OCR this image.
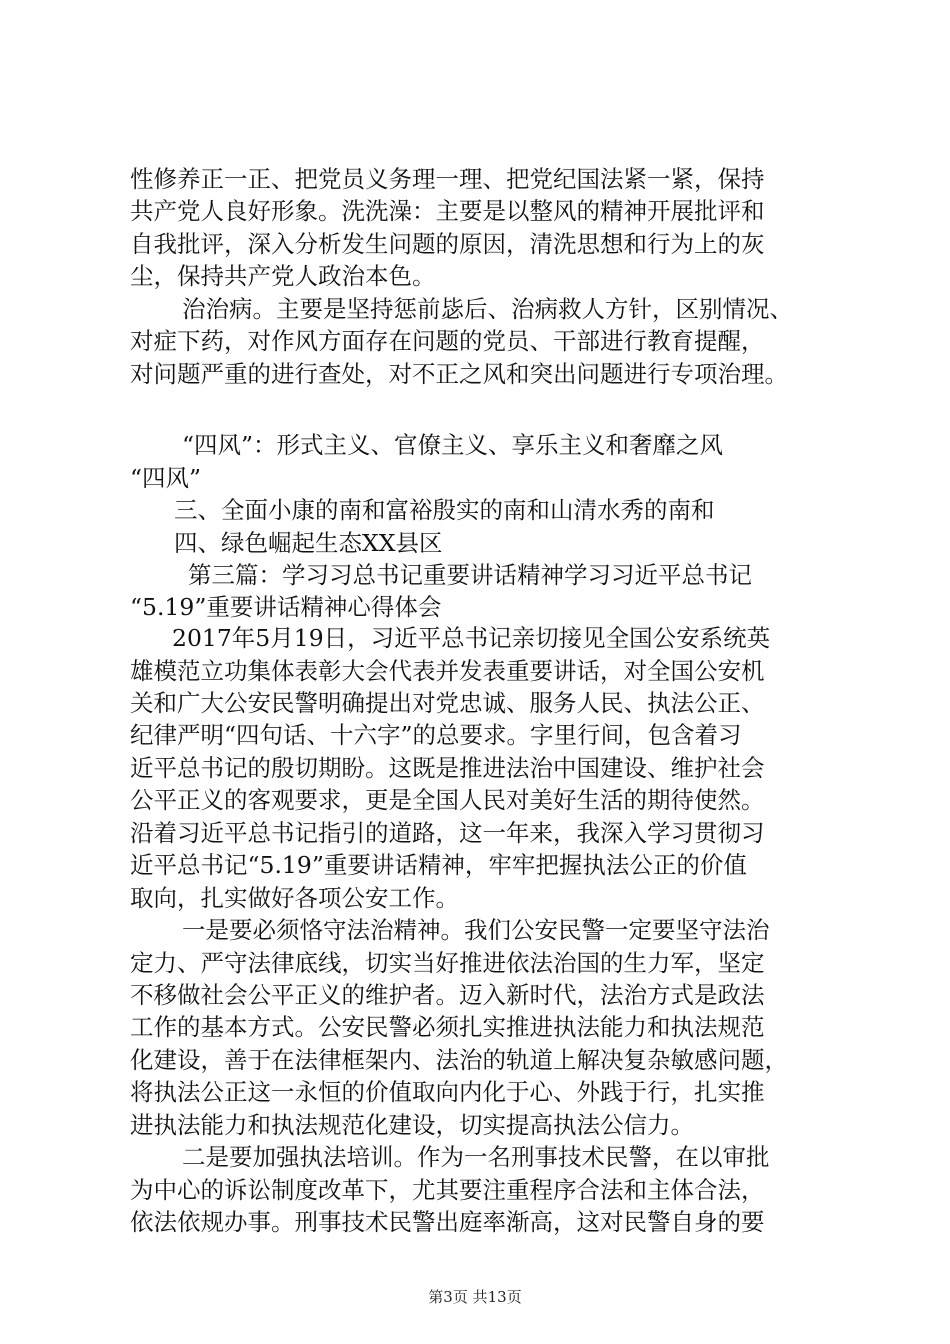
性修养正一正、把党员义务理一理、把党纪国法紧一紧，保持
共产党人良好形象。洗洗澡：主要是以整风的精神开展批评和
自我批评，深入分析发生问题的原因，清洗思想和行为上的灰
尘，保持共产党人政治本色。
治治病。主要是坚持惩前毖后、治病救人方针，区别情况、
对症下药，对作风方面存在问题的党员、干部进行教育提醒，
对问题严重的进行查处，对不正之风和突出问题进行专项治理。
“四风”：形式主义、官僚主义、享乐主义和奢靡之风
“四风”
三、全面小康的南和富裕殷实的南和山清水秀的南和
四、绿色崛起生态XX县区
第三篇：学习习总书记重要讲话精神学习习近平总书记
“5.19”重要讲话精神心得体会
2017年5月19日，习近平总书记亲切接见全国公安系统英
雄模范立功集体表彰大会代表并发表重要讲话，对全国公安机
关和广大公安民警明确提出对党忠诚、服务人民、执法公正、
纪律严明“四句话、十六字”的总要求。字里行间，包含着习
近平总书记的殷切期盼。这既是推进法治中国建设、维护社会
公平正义的客观要求，更是全国人民对美好生活的期待使然。
沿着习近平总书记指引的道路，这一年来，我深入学习贯彻习
近平总书记“5.19”重要讲话精神，牢牢把握执法公正的价值
取向，扎实做好各项公安工作。
一是要必须恪守法治精神。我们公安民警一定要坚守法治
定力、严守法律底线，切实当好推进依法治国的生力军，坚定
不移做社会公平正义的维护者。迈入新时代，法治方式是政法
工作的基本方式。公安民警必须扎实推进执法能力和执法规范
化建设，善于在法律框架内、法治的轨道上解决复杂敏感问题，
将执法公正这一永恒的价值取向内化于心、外践于行，扎实推
进执法能力和执法规范化建设，切实提高执法公信力。
二是要加强执法培训。作为一名刑事技术民警，在以审批
为中心的诉讼制度改革下，尤其要注重程序合法和主体合法，
依法依规办事。刑事技术民警出庭率渐高，这对民警自身的要
第3页 共13页
